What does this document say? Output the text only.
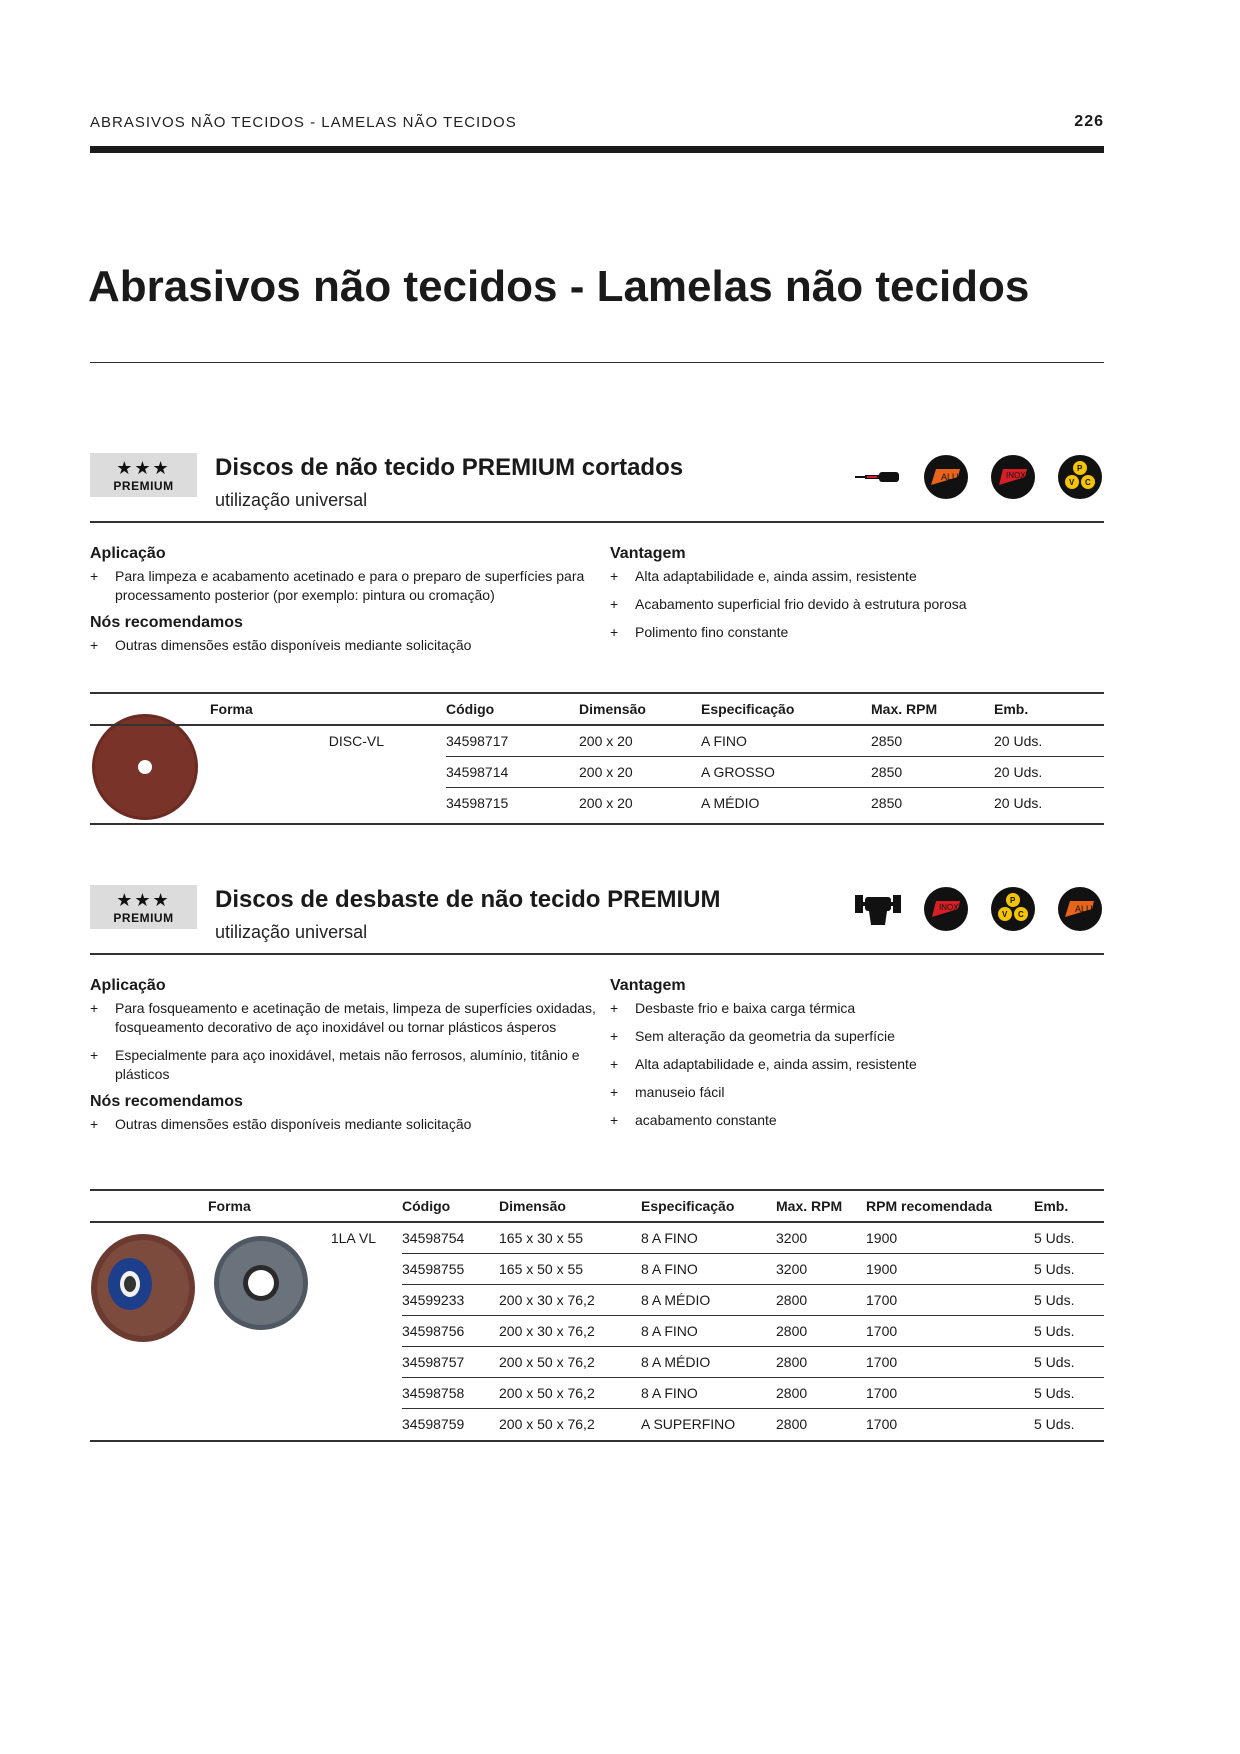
ABRASIVOS NÃO TECIDOS - LAMELAS NÃO TECIDOS	226
Abrasivos não tecidos - Lamelas não tecidos
★★★
PREMIUM
Discos de não tecido PREMIUM cortados
utilização universal
ALU	INOX
P
V C
Aplicação
+ Para limpeza e acabamento acetinado e para o preparo de superfícies para processamento posterior (por exemplo: pintura ou cromação)
Nós recomendamos
+ Outras dimensões estão disponíveis mediante solicitação
Vantagem
+ Alta adaptabilidade e, ainda assim, resistente
+ Acabamento superficial frio devido à estrutura porosa
+ Polimento fino constante
	Forma	Código	Dimensão	Especificação	Max. RPM	Emb.
	DISC-VL	34598717	200 x 20	A FINO	2850	20 Uds.
		34598714	200 x 20	A GROSSO	2850	20 Uds.
		34598715	200 x 20	A MÉDIO	2850	20 Uds.
★★★
PREMIUM
Discos de desbaste de não tecido PREMIUM
utilização universal
INOX
P
V C
ALU
Aplicação
+ Para fosqueamento e acetinação de metais, limpeza de superfícies oxidadas, fosqueamento decorativo de aço inoxidável ou tornar plásticos ásperos
+ Especialmente para aço inoxidável, metais não ferrosos, alumínio, titânio e plásticos
Nós recomendamos
+ Outras dimensões estão disponíveis mediante solicitação
Vantagem
+ Desbaste frio e baixa carga térmica
+ Sem alteração da geometria da superfície
+ Alta adaptabilidade e, ainda assim, resistente
+ manuseio fácil
+ acabamento constante
	Forma	Código	Dimensão	Especificação	Max. RPM	RPM recomendada	Emb.
	1LA VL	34598754	165 x 30 x 55	8 A FINO	3200	1900	5 Uds.
		34598755	165 x 50 x 55	8 A FINO	3200	1900	5 Uds.
		34599233	200 x 30 x 76,2	8 A MÉDIO	2800	1700	5 Uds.
		34598756	200 x 30 x 76,2	8 A FINO	2800	1700	5 Uds.
		34598757	200 x 50 x 76,2	8 A MÉDIO	2800	1700	5 Uds.
		34598758	200 x 50 x 76,2	8 A FINO	2800	1700	5 Uds.
		34598759	200 x 50 x 76,2	A SUPERFINO	2800	1700	5 Uds.
